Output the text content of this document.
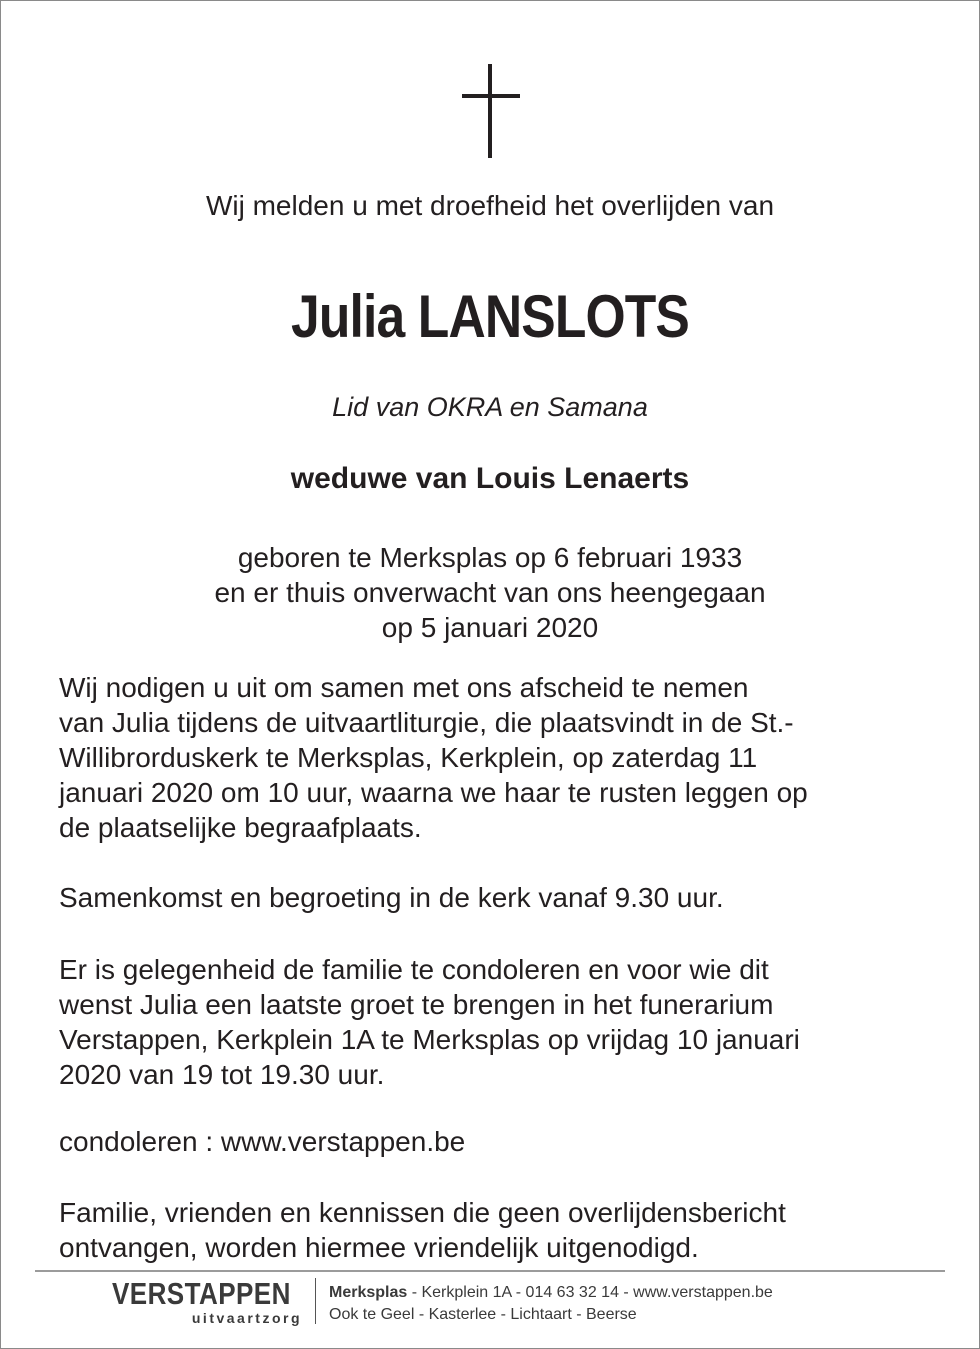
Wij melden u met droefheid het overlijden van
Julia LANSLOTS
Lid van OKRA en Samana
weduwe van Louis Lenaerts
geboren te Merksplas op 6 februari 1933
en er thuis onverwacht van ons heengegaan
op 5 januari 2020
Wij nodigen u uit om samen met ons afscheid te nemen
van Julia tijdens de uitvaartliturgie, die plaatsvindt in de St.-
Willibrorduskerk te Merksplas, Kerkplein, op zaterdag 11
januari 2020 om 10 uur, waarna we haar te rusten leggen op
de plaatselijke begraafplaats.
Samenkomst en begroeting in de kerk vanaf 9.30 uur.
Er is gelegenheid de familie te condoleren en voor wie dit
wenst Julia een laatste groet te brengen in het funerarium
Verstappen, Kerkplein 1A te Merksplas op vrijdag 10 januari
2020 van 19 tot 19.30 uur.
condoleren : www.verstappen.be
Familie, vrienden en kennissen die geen overlijdensbericht
ontvangen, worden hiermee vriendelijk uitgenodigd.
VERSTAPPEN
uitvaartzorg
Merksplas - Kerkplein 1A - 014 63 32 14 - www.verstappen.be
Ook te Geel - Kasterlee - Lichtaart - Beerse
